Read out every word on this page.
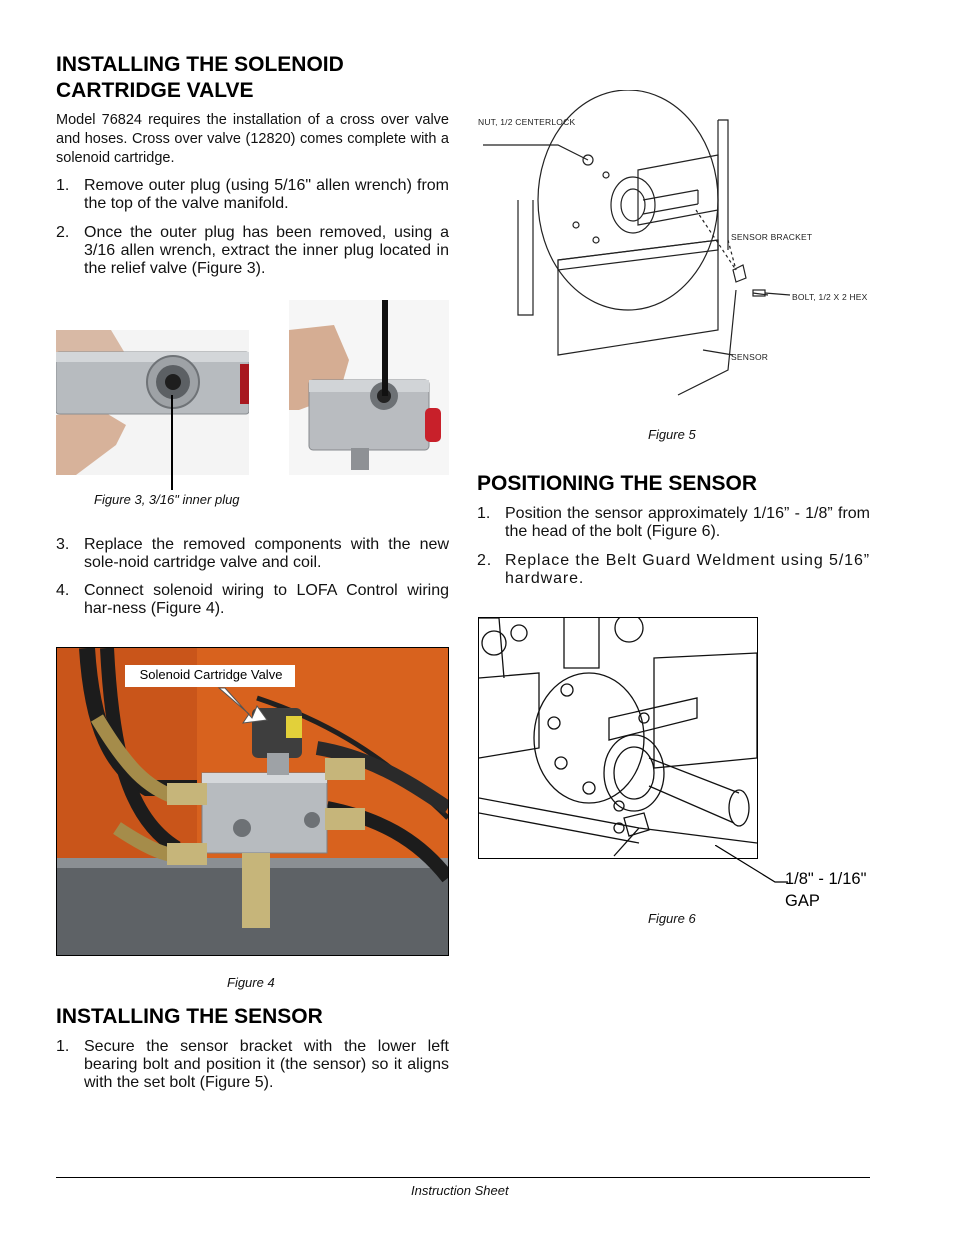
INSTALLING THE SOLENOID
CARTRIDGE VALVE

Model 76824 requires the installation of a cross over valve and hoses. Cross over valve (12820) comes complete with a solenoid cartridge.

1. Remove outer plug (using 5/16" allen wrench) from the top of the valve manifold.
2. Once the outer plug has been removed, using a 3/16 allen wrench, extract the inner plug located in the relief valve (Figure 3).
Figure 3, 3/16" inner plug
3. Replace the removed components with the new sole-noid cartridge valve and coil.
4. Connect solenoid wiring to LOFA Control wiring har-ness (Figure 4).
Solenoid Cartridge Valve
Figure 4
INSTALLING THE SENSOR
1. Secure the sensor bracket with the lower left bearing bolt and position it (the sensor) so it aligns with the set bolt (Figure 5).
NUT, 1/2 CENTERLOCK
SENSOR BRACKET
BOLT, 1/2 X 2 HEX
SENSOR
Figure 5
POSITIONING THE SENSOR
1. Position the sensor approximately 1/16” - 1/8” from the head of the bolt (Figure 6).
2. Replace the Belt Guard Weldment using 5/16” hardware.
1/8" - 1/16"
GAP
Figure 6
Instruction Sheet
